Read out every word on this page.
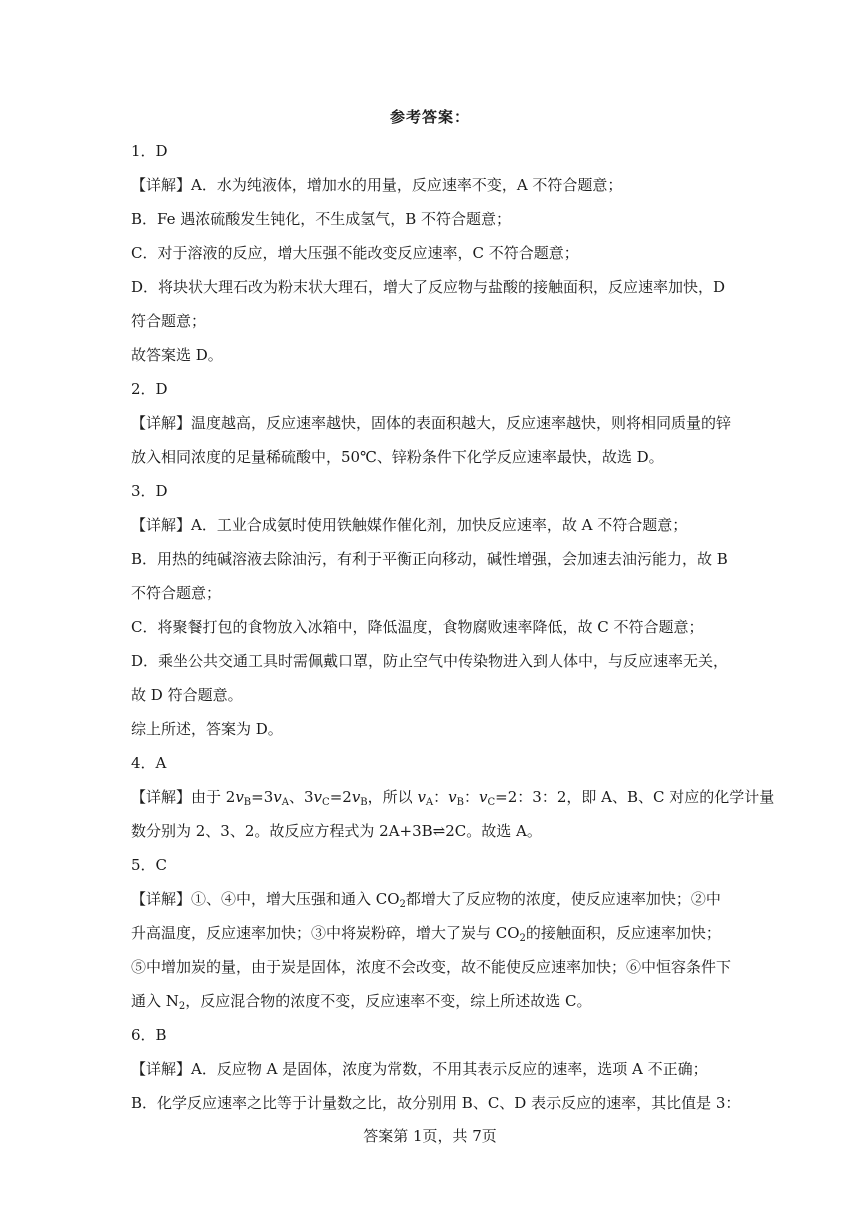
参考答案：
1．D
【详解】A．水为纯液体，增加水的用量，反应速率不变，A 不符合题意；
B．Fe 遇浓硫酸发生钝化，不生成氢气，B 不符合题意；
C．对于溶液的反应，增大压强不能改变反应速率，C 不符合题意；
D．将块状大理石改为粉末状大理石，增大了反应物与盐酸的接触面积，反应速率加快，D
符合题意；
故答案选 D。
2．D
【详解】温度越高，反应速率越快，固体的表面积越大，反应速率越快，则将相同质量的锌
放入相同浓度的足量稀硫酸中，50℃、锌粉条件下化学反应速率最快，故选 D。
3．D
【详解】A．工业合成氨时使用铁触媒作催化剂，加快反应速率，故 A 不符合题意；
B．用热的纯碱溶液去除油污，有利于平衡正向移动，碱性增强，会加速去油污能力，故 B
不符合题意；
C．将聚餐打包的食物放入冰箱中，降低温度，食物腐败速率降低，故 C 不符合题意；
D．乘坐公共交通工具时需佩戴口罩，防止空气中传染物进入到人体中，与反应速率无关，
故 D 符合题意。
综上所述，答案为 D。
4．A
【详解】由于 $2v_B=3v_A$、$3v_C=2v_B$，所以 $v_A$：$v_B$：$v_C=2$：3：2，即 A、B、C 对应的化学计量
数分别为 2、3、2。故反应方程式为 2A+3B⇌2C。故选 A。
5．C
【详解】①、④中，增大压强和通入 $CO_2$都增大了反应物的浓度，使反应速率加快；②中
升高温度，反应速率加快；③中将炭粉碎，增大了炭与 $CO_2$的接触面积，反应速率加快；
⑤中增加炭的量，由于炭是固体，浓度不会改变，故不能使反应速率加快；⑥中恒容条件下
通入 $N_2$，反应混合物的浓度不变，反应速率不变，综上所述故选 C。
6．B
【详解】A．反应物 A 是固体，浓度为常数，不用其表示反应的速率，选项 A 不正确；
B．化学反应速率之比等于计量数之比，故分别用 B、C、D 表示反应的速率，其比值是 3：
答案第 1页，共 7页
